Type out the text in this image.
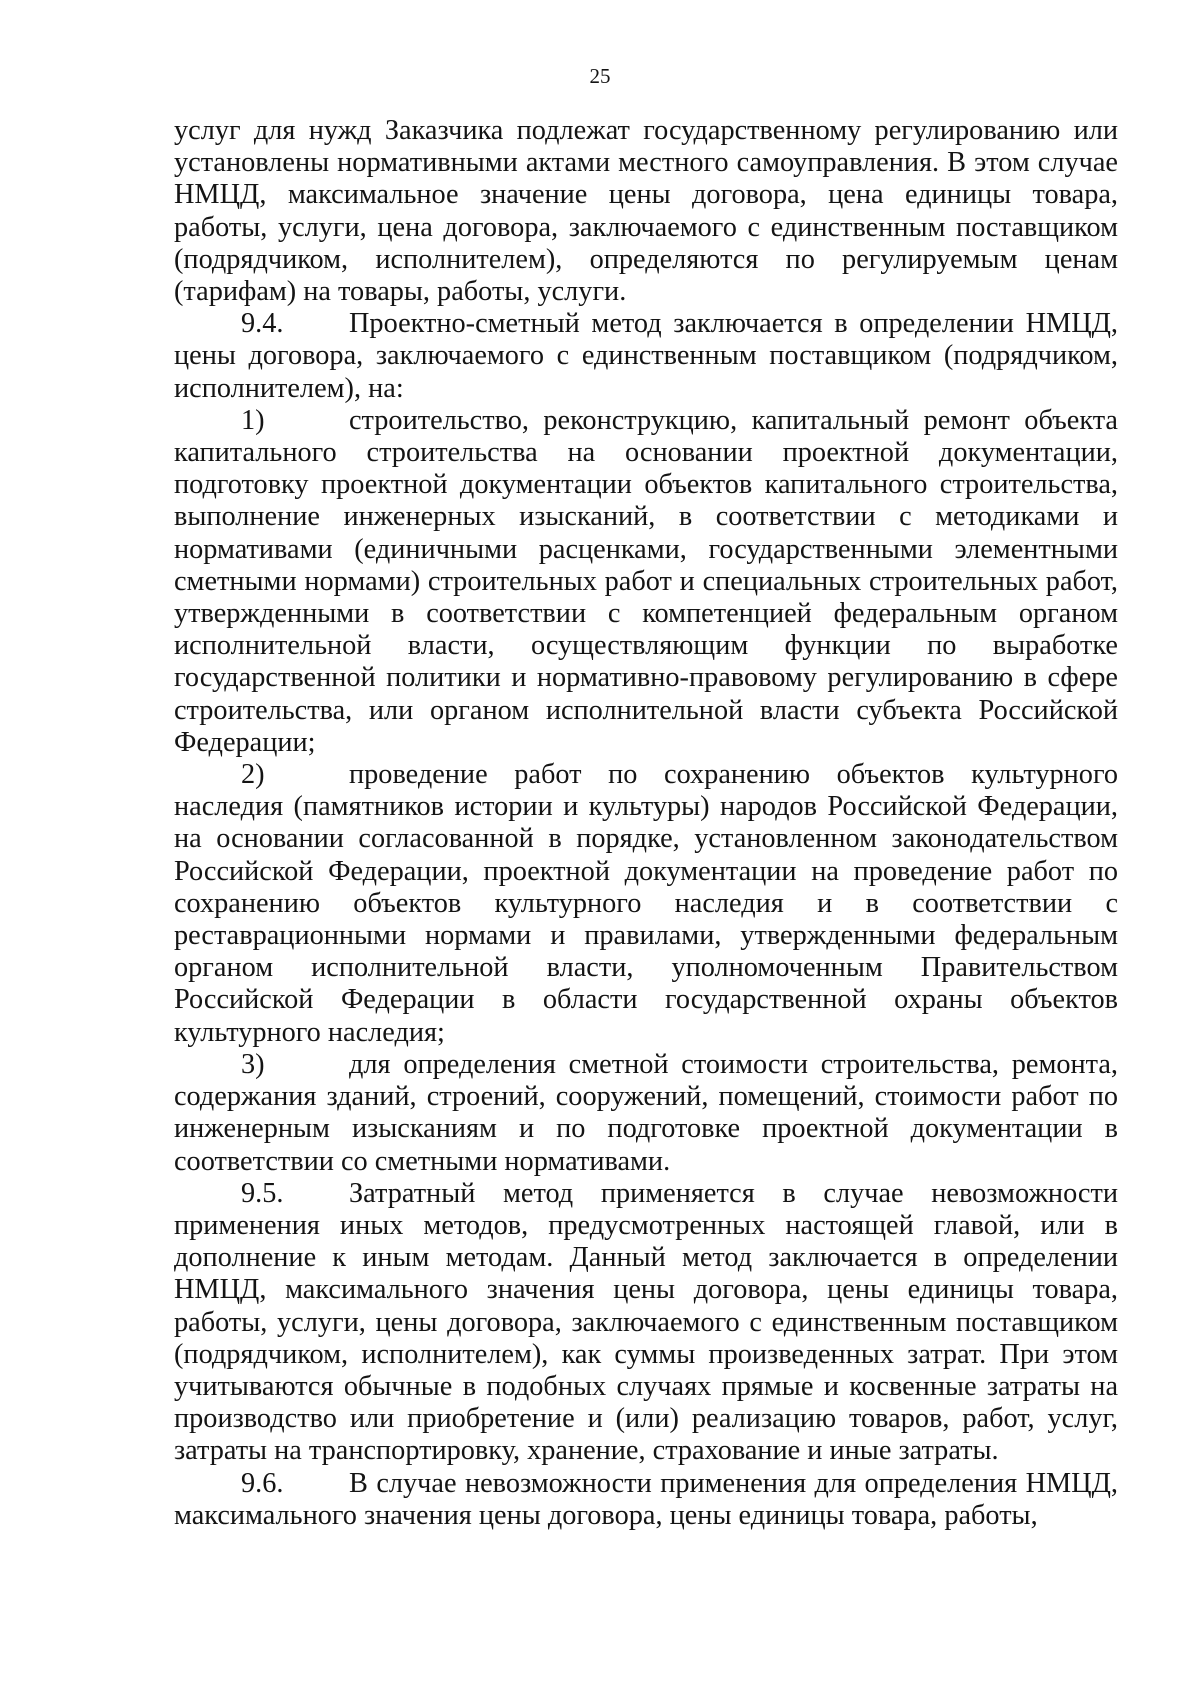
25

услуг для нужд Заказчика подлежат государственному регулированию или установлены нормативными актами местного самоуправления. В этом случае НМЦД, максимальное значение цены договора, цена единицы товара, работы, услуги, цена договора, заключаемого с единственным поставщиком (подрядчиком, исполнителем), определяются по регулируемым ценам (тарифам) на товары, работы, услуги.

9.4. Проектно-сметный метод заключается в определении НМЦД, цены договора, заключаемого с единственным поставщиком (подрядчиком, исполнителем), на:

1)	строительство, реконструкцию, капитальный ремонт объекта капитального строительства на основании проектной документации, подготовку проектной документации объектов капитального строительства, выполнение инженерных изысканий, в соответствии с методиками и нормативами (единичными расценками, государственными элементными сметными нормами) строительных работ и специальных строительных работ, утвержденными в соответствии с компетенцией федеральным органом исполнительной власти, осуществляющим функции по выработке государственной политики и нормативно-правовому регулированию в сфере строительства, или органом исполнительной власти субъекта Российской Федерации;

2)	проведение работ по сохранению объектов культурного наследия (памятников истории и культуры) народов Российской Федерации, на основании согласованной в порядке, установленном законодательством Российской Федерации, проектной документации на проведение работ по сохранению объектов культурного наследия и в соответствии с реставрационными нормами и правилами, утвержденными федеральным органом исполнительной власти, уполномоченным Правительством Российской Федерации в области государственной охраны объектов культурного наследия;

3)	для определения сметной стоимости строительства, ремонта, содержания зданий, строений, сооружений, помещений, стоимости работ по инженерным изысканиям и по подготовке проектной документации в соответствии со сметными нормативами.

9.5. Затратный метод применяется в случае невозможности применения иных методов, предусмотренных настоящей главой, или в дополнение к иным методам. Данный метод заключается в определении НМЦД, максимального значения цены договора, цены единицы товара, работы, услуги, цены договора, заключаемого с единственным поставщиком (подрядчиком, исполнителем), как суммы произведенных затрат. При этом учитываются обычные в подобных случаях прямые и косвенные затраты на производство или приобретение и (или) реализацию товаров, работ, услуг, затраты на транспортировку, хранение, страхование и иные затраты.

9.6. В случае невозможности применения для определения НМЦД, максимального значения цены договора, цены единицы товара, работы,
